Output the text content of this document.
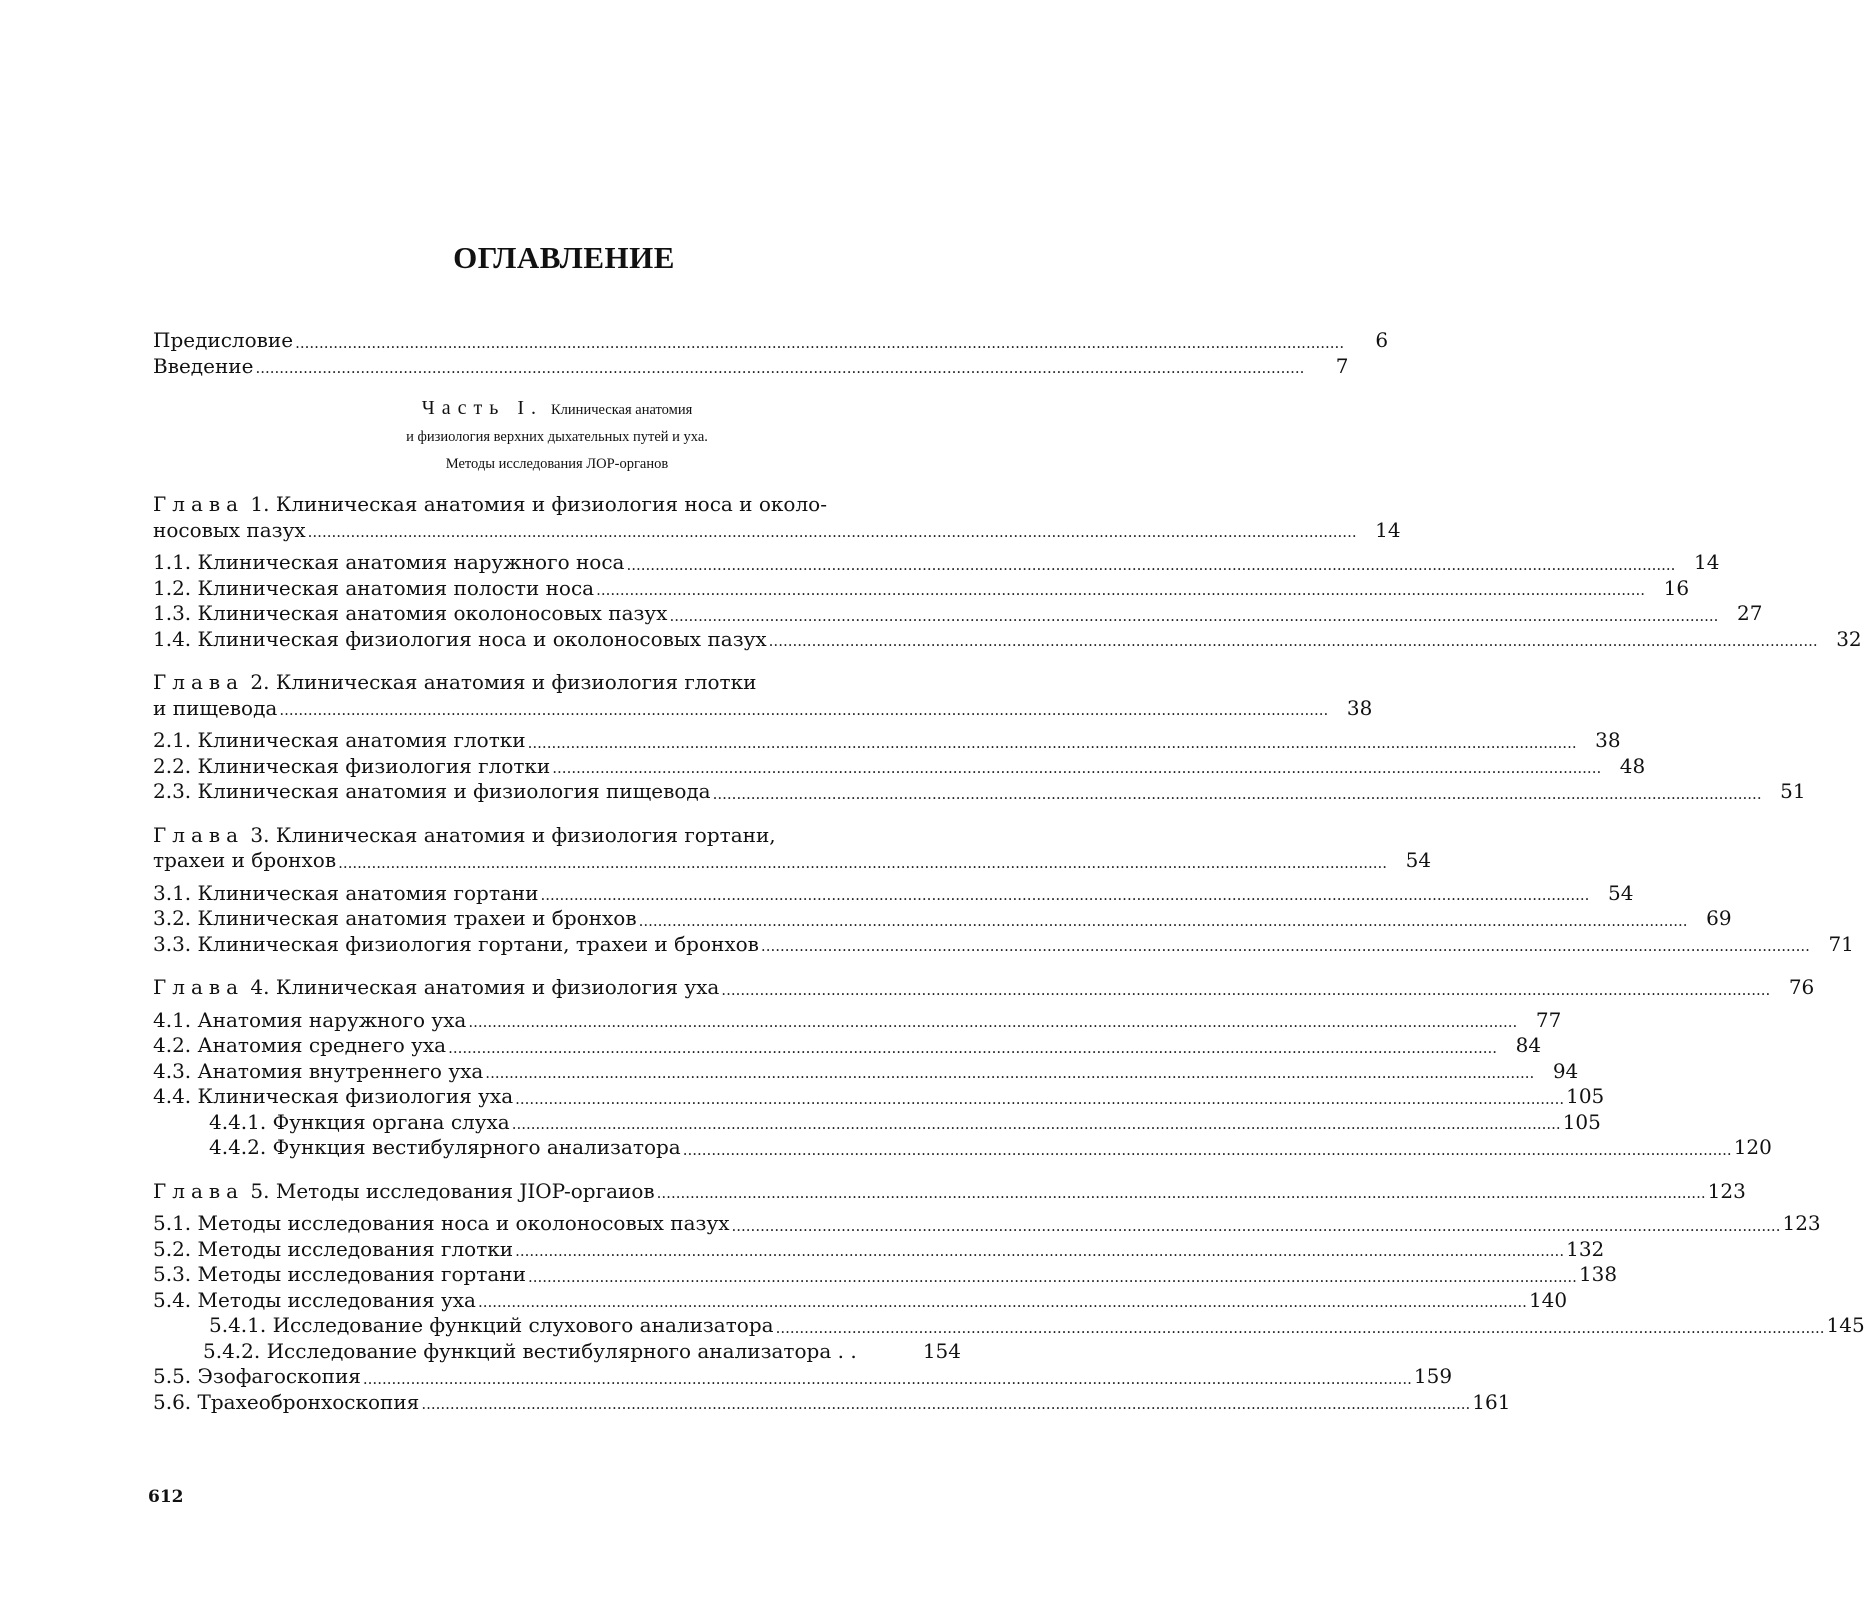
ОГЛАВЛЕНИЕ
Предисловие ............................................................................................................................................................................................................................	6
Введение ............................................................................................................................................................................................................................	7
Часть I. Клиническая анатомия
и физиология верхних дыхательных путей и уха.
Методы исследования ЛОР-органов
Глава 1. Клиническая анатомия и физиология носа и около-
носовых пазух ............................................................................................................................................................................................................................ 14
1.1. Клиническая анатомия наружного носа ............................................................................................................................................................................................................................ 14
1.2. Клиническая анатомия полости носа ............................................................................................................................................................................................................................ 16
1.3. Клиническая анатомия околоносовых пазух ............................................................................................................................................................................................................................ 27
1.4. Клиническая физиология носа и околоносовых пазух ............................................................................................................................................................................................................................ 32
Глава 2. Клиническая анатомия и физиология глотки
и пищевода ............................................................................................................................................................................................................................ 38
2.1. Клиническая анатомия глотки ............................................................................................................................................................................................................................ 38
2.2. Клиническая физиология глотки ............................................................................................................................................................................................................................ 48
2.3. Клиническая анатомия и физиология пищевода ............................................................................................................................................................................................................................ 51
Глава 3. Клиническая анатомия и физиология гортани,
трахеи и бронхов ............................................................................................................................................................................................................................ 54
3.1. Клиническая анатомия гортани ............................................................................................................................................................................................................................ 54
3.2. Клиническая анатомия трахеи и бронхов ............................................................................................................................................................................................................................ 69
3.3. Клиническая физиология гортани, трахеи и бронхов ............................................................................................................................................................................................................................ 71
Глава 4. Клиническая анатомия и физиология уха ............................................................................................................................................................................................................................ 76
4.1. Анатомия наружного уха ............................................................................................................................................................................................................................ 77
4.2. Анатомия среднего уха ............................................................................................................................................................................................................................ 84
4.3. Анатомия внутреннего уха ............................................................................................................................................................................................................................ 94
4.4. Клиническая физиология уха ............................................................................................................................................................................................................................ 105
4.4.1. Функция органа слуха ............................................................................................................................................................................................................................ 105
4.4.2. Функция вестибулярного анализатора ............................................................................................................................................................................................................................ 120
Глава 5. Методы исследования JIOP-оргаиов ............................................................................................................................................................................................................................ 123
5.1. Методы исследования носа и околоносовых пазух ............................................................................................................................................................................................................................ 123
5.2. Методы исследования глотки ............................................................................................................................................................................................................................ 132
5.3. Методы исследования гортани ............................................................................................................................................................................................................................ 138
5.4. Методы исследования уха ............................................................................................................................................................................................................................ 140
5.4.1. Исследование функций слухового анализатора ............................................................................................................................................................................................................................ 145
5.4.2. Исследование функций вестибулярного анализатора . .	154
5.5. Эзофагоскопия ............................................................................................................................................................................................................................ 159
5.6. Трахеобронхоскопия ............................................................................................................................................................................................................................ 161
612
